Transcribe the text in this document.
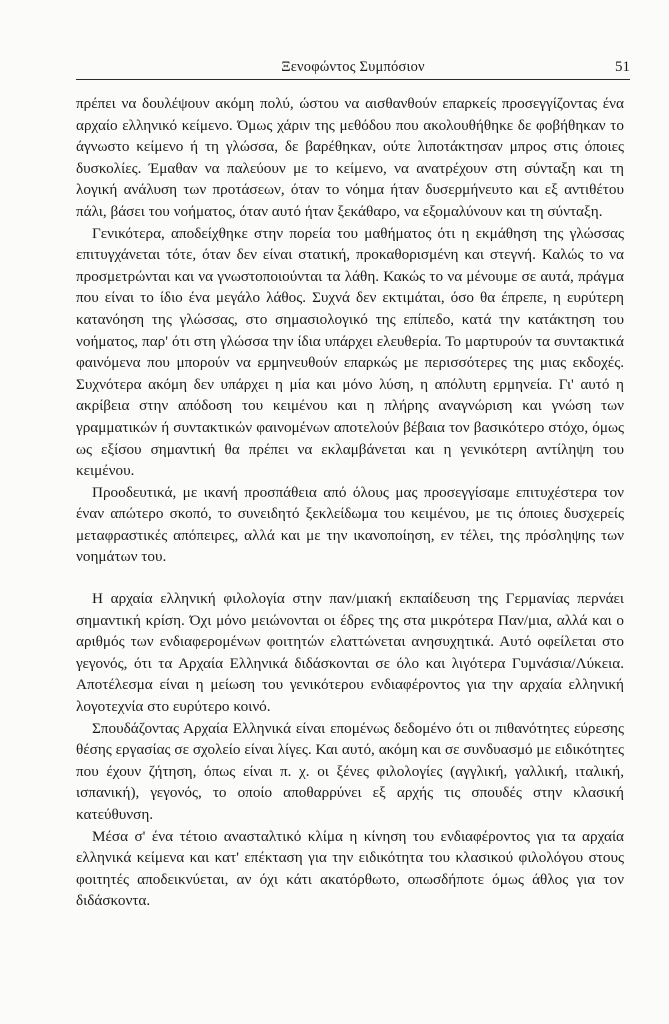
Ξενοφώντος Συμπόσιον	51

πρέπει να δουλέψουν ακόμη πολύ, ώστου να αισθανθούν επαρκείς προσεγγίζοντας ένα αρχαίο ελληνικό κείμενο. Όμως χάριν της μεθόδου που ακολουθήθηκε δε φοβήθηκαν το άγνωστο κείμενο ή τη γλώσσα, δε βαρέθηκαν, ούτε λιποτάκτησαν μπρος στις όποιες δυσκολίες. Έμαθαν να παλεύουν με το κείμενο, να ανατρέχουν στη σύνταξη και τη λογική ανάλυση των προτάσεων, όταν το νόημα ήταν δυσερμήνευτο και εξ αντιθέτου πάλι, βάσει του νοήματος, όταν αυτό ήταν ξεκάθαρο, να εξομαλύνουν και τη σύνταξη.

Γενικότερα, αποδείχθηκε στην πορεία του μαθήματος ότι η εκμάθηση της γλώσσας επιτυγχάνεται τότε, όταν δεν είναι στατική, προκαθορισμένη και στεγνή. Καλώς το να προσμετρώνται και να γνωστοποιούνται τα λάθη. Κακώς το να μένουμε σε αυτά, πράγμα που είναι το ίδιο ένα μεγάλο λάθος. Συχνά δεν εκτιμάται, όσο θα έπρεπε, η ευρύτερη κατανόηση της γλώσσας, στο σημασιολογικό της επίπεδο, κατά την κατάκτηση του νοήματος, παρ' ότι στη γλώσσα την ίδια υπάρχει ελευθερία. Το μαρτυρούν τα συντακτικά φαινόμενα που μπορούν να ερμηνευθούν επαρκώς με περισσότερες της μιας εκδοχές. Συχνότερα ακόμη δεν υπάρχει η μία και μόνο λύση, η απόλυτη ερμηνεία. Γι' αυτό η ακρίβεια στην απόδοση του κειμένου και η πλήρης αναγνώριση και γνώση των γραμματικών ή συντακτικών φαινομένων αποτελούν βέβαια τον βασικότερο στόχο, όμως ως εξίσου σημαντική θα πρέπει να εκλαμβάνεται και η γενικότερη αντίληψη του κειμένου.

Προοδευτικά, με ικανή προσπάθεια από όλους μας προσεγγίσαμε επιτυχέστερα τον έναν απώτερο σκοπό, το συνειδητό ξεκλείδωμα του κειμένου, με τις όποιες δυσχερείς μεταφραστικές απόπειρες, αλλά και με την ικανοποίηση, εν τέλει, της πρόσληψης των νοημάτων του.

Η αρχαία ελληνική φιλολογία στην παν/μιακή εκπαίδευση της Γερμανίας περνάει σημαντική κρίση. Όχι μόνο μειώνονται οι έδρες της στα μικρότερα Παν/μια, αλλά και ο αριθμός των ενδιαφερομένων φοιτητών ελαττώνεται ανησυχητικά. Αυτό οφείλεται στο γεγονός, ότι τα Αρχαία Ελληνικά διδάσκονται σε όλο και λιγότερα Γυμνάσια/Λύκεια. Αποτέλεσμα είναι η μείωση του γενικότερου ενδιαφέροντος για την αρχαία ελληνική λογοτεχνία στο ευρύτερο κοινό.

Σπουδάζοντας Αρχαία Ελληνικά είναι επομένως δεδομένο ότι οι πιθανότητες εύρεσης θέσης εργασίας σε σχολείο είναι λίγες. Και αυτό, ακόμη και σε συνδυασμό με ειδικότητες που έχουν ζήτηση, όπως είναι π. χ. οι ξένες φιλολογίες (αγγλική, γαλλική, ιταλική, ισπανική), γεγονός, το οποίο αποθαρρύνει εξ αρχής τις σπουδές στην κλασική κατεύθυνση.

Μέσα σ' ένα τέτοιο ανασταλτικό κλίμα η κίνηση του ενδιαφέροντος για τα αρχαία ελληνικά κείμενα και κατ' επέκταση για την ειδικότητα του κλασικού φιλολόγου στους φοιτητές αποδεικνύεται, αν όχι κάτι ακατόρθωτο, οπωσδήποτε όμως άθλος για τον διδάσκοντα.
